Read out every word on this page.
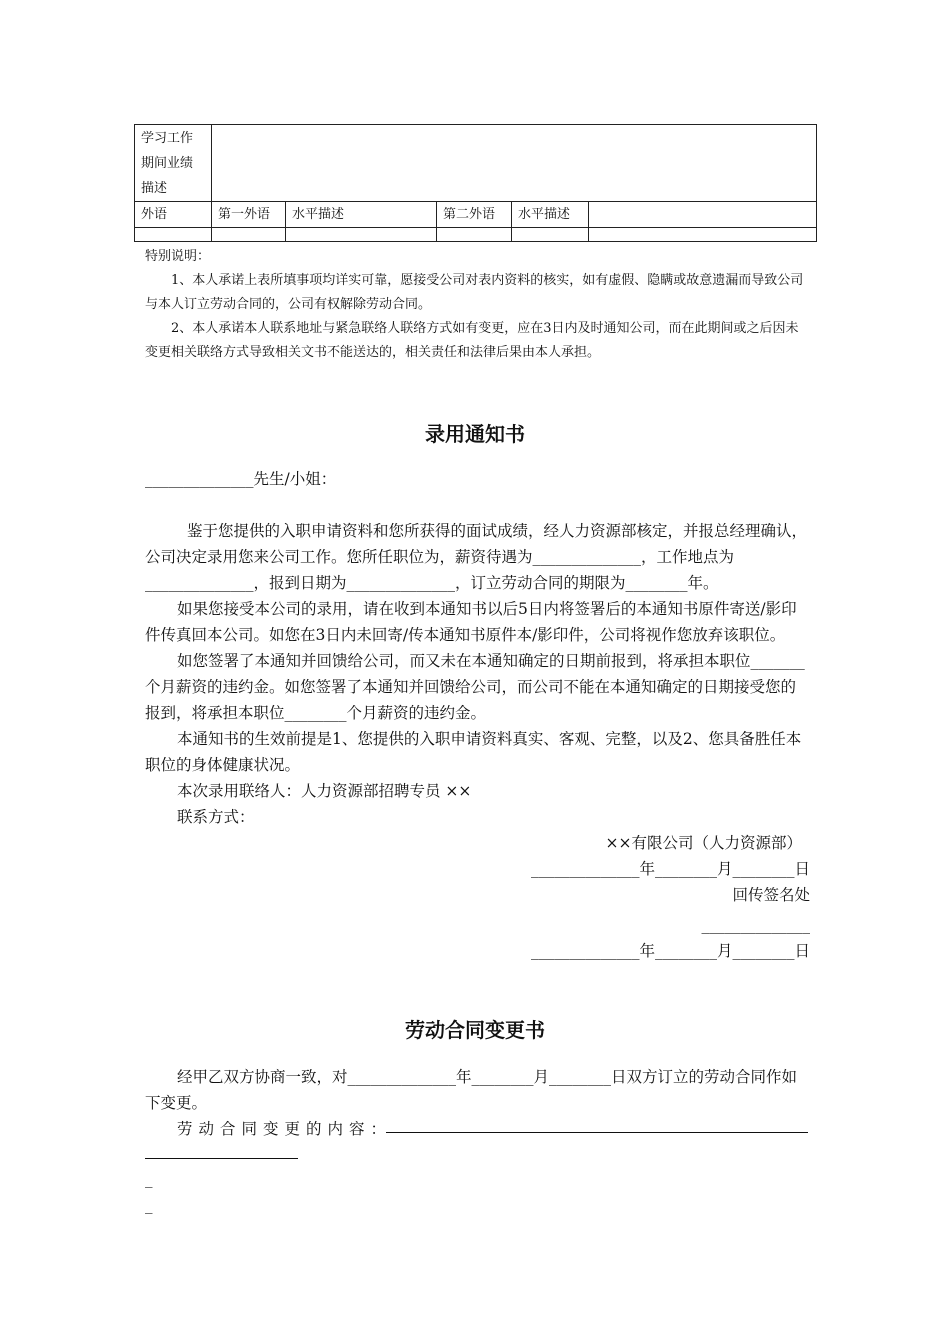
学习工作期间业绩描述					
外语	第一外语	水平描述	第二外语	水平描述	

特别说明：

1、本人承诺上表所填事项均详实可靠，愿接受公司对表内资料的核实，如有虚假、隐瞒或故意遗漏而导致公司与本人订立劳动合同的，公司有权解除劳动合同。

2、本人承诺本人联系地址与紧急联络人联络方式如有变更，应在3日内及时通知公司，而在此期间或之后因未变更相关联络方式导致相关文书不能送达的，相关责任和法律后果由本人承担。

录用通知书

______________先生/小姐：

鉴于您提供的入职申请资料和您所获得的面试成绩，经人力资源部核定，并报总经理确认，公司决定录用您来公司工作。您所任职位为，薪资待遇为______________，工作地点为______________，报到日期为______________，订立劳动合同的期限为________年。

如果您接受本公司的录用，请在收到本通知书以后5日内将签署后的本通知书原件寄送/影印件传真回本公司。如您在3日内未回寄/传本通知书原件本/影印件，公司将视作您放弃该职位。

如您签署了本通知并回馈给公司，而又未在本通知确定的日期前报到，将承担本职位_______个月薪资的违约金。如您签署了本通知并回馈给公司，而公司不能在本通知确定的日期接受您的报到，将承担本职位________个月薪资的违约金。

本通知书的生效前提是1、您提供的入职申请资料真实、客观、完整，以及2、您具备胜任本职位的身体健康状况。

本次录用联络人：人力资源部招聘专员 ××

联系方式：

××有限公司（人力资源部）

______________年________月________日

回传签名处

______________

______________年________月________日

劳动合同变更书

经甲乙双方协商一致，对______________年________月________日双方订立的劳动合同作如下变更。

劳动合同变更的内容：

_
_
